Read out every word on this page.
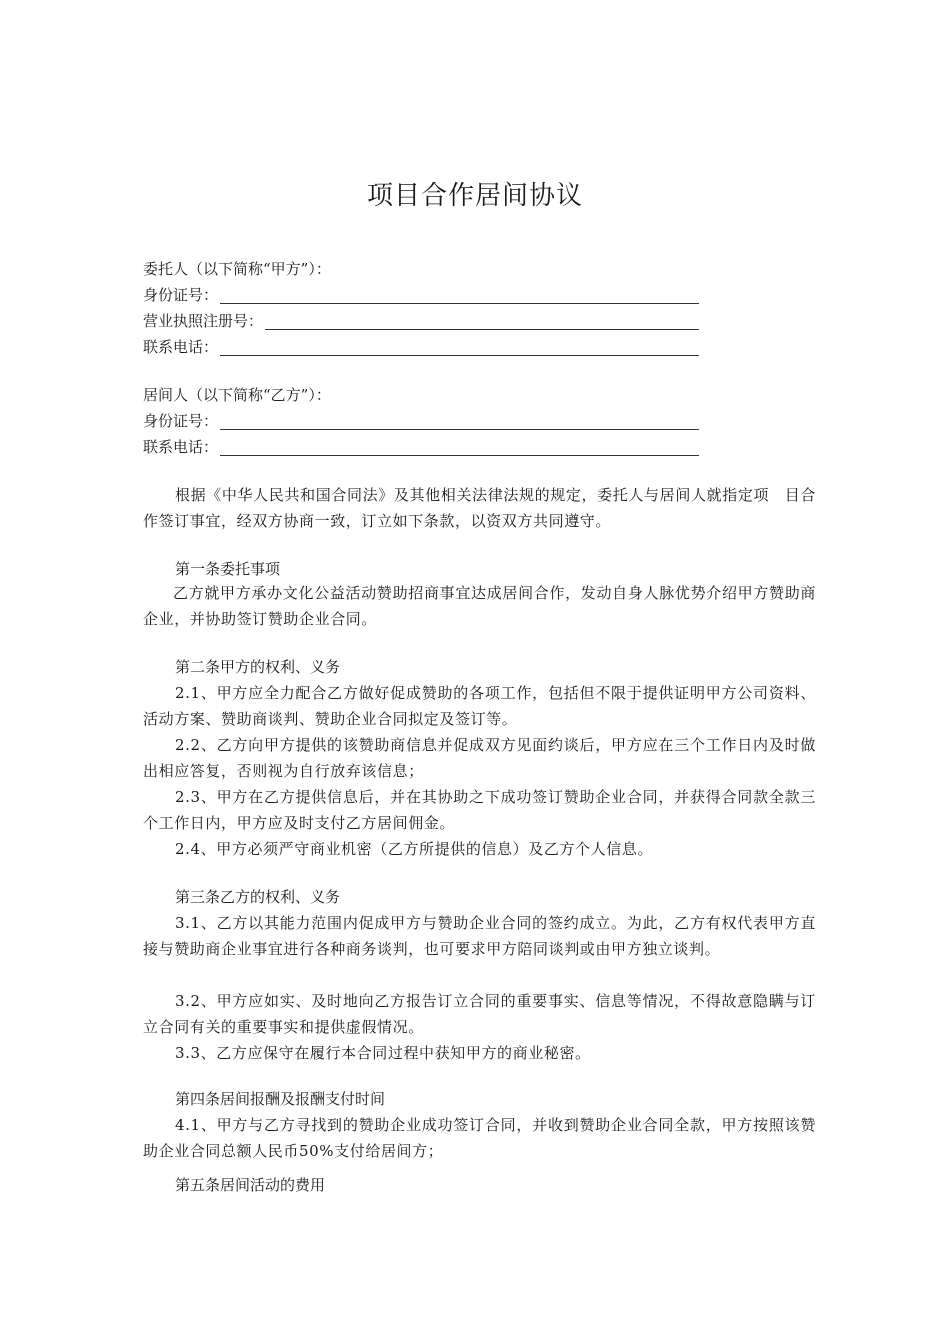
项目合作居间协议
委托人（以下简称“甲方”）：
身份证号：
营业执照注册号：
联系电话：
居间人（以下简称“乙方”）：
身份证号：
联系电话：
根据《中华人民共和国合同法》及其他相关法律法规的规定，委托人与居间人就指定项　目合作签订事宜，经双方协商一致，订立如下条款，以资双方共同遵守。
第一条委托事项
乙方就甲方承办文化公益活动赞助招商事宜达成居间合作，发动自身人脉优势介绍甲方赞助商企业，并协助签订赞助企业合同。
第二条甲方的权利、义务
2.1、甲方应全力配合乙方做好促成赞助的各项工作，包括但不限于提供证明甲方公司资料、活动方案、赞助商谈判、赞助企业合同拟定及签订等。
2.2、乙方向甲方提供的该赞助商信息并促成双方见面约谈后，甲方应在三个工作日内及时做出相应答复，否则视为自行放弃该信息；
2.3、甲方在乙方提供信息后，并在其协助之下成功签订赞助企业合同，并获得合同款全款三个工作日内，甲方应及时支付乙方居间佣金。
2.4、甲方必须严守商业机密（乙方所提供的信息）及乙方个人信息。
第三条乙方的权利、义务
3.1、乙方以其能力范围内促成甲方与赞助企业合同的签约成立。为此，乙方有权代表甲方直接与赞助商企业事宜进行各种商务谈判，也可要求甲方陪同谈判或由甲方独立谈判。
3.2、甲方应如实、及时地向乙方报告订立合同的重要事实、信息等情况，不得故意隐瞒与订立合同有关的重要事实和提供虚假情况。
3.3、乙方应保守在履行本合同过程中获知甲方的商业秘密。
第四条居间报酬及报酬支付时间
4.1、甲方与乙方寻找到的赞助企业成功签订合同，并收到赞助企业合同全款，甲方按照该赞助企业合同总额人民币50%支付给居间方；
第五条居间活动的费用
